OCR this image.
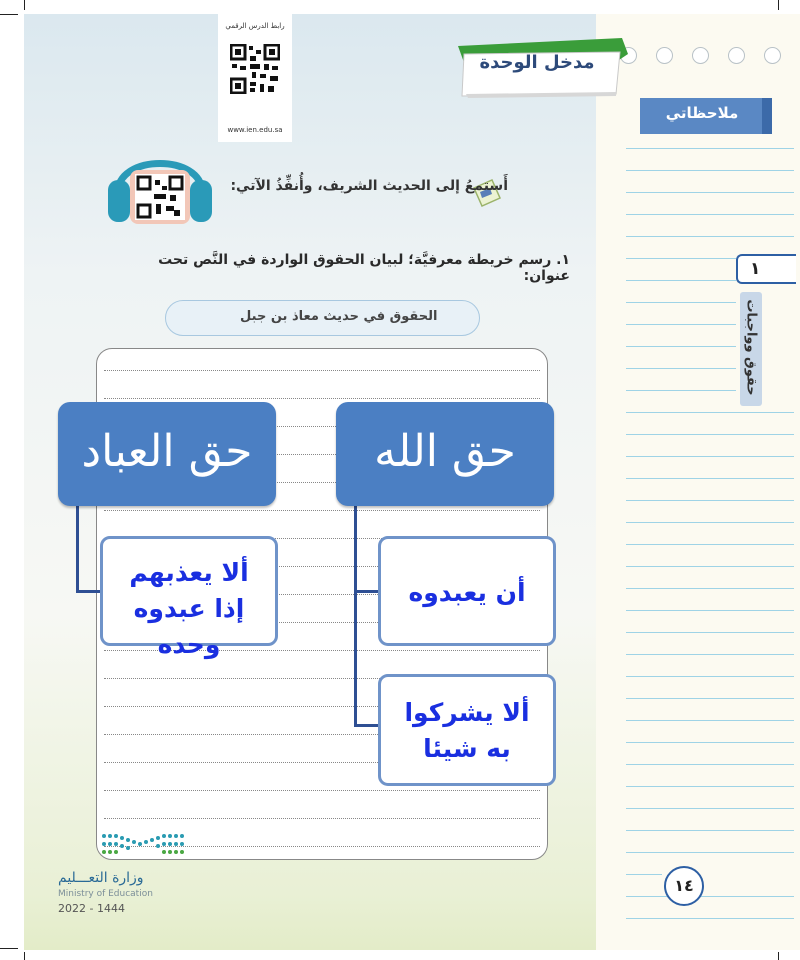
رابط الدرس الرقمي
www.ien.edu.sa
مدخل الوحدة
ملاحظاتي
١
حقوق وواجبات
أَستمعُ إلى الحديث الشريف، وأُنفِّذُ الآتي:
١. رسم خريطة معرفيَّة؛ لبيان الحقوق الواردة في النَّص تحت عنوان:
الحقوق في حديث معاذ بن جبل
حق الله
حق العباد
أن يعبدوه
ألا يشركوا به شيئا
ألا يعذبهم إذا عبدوه وحده
وزارة التعـــليم
Ministry of Education
2022 - 1444
١٤
